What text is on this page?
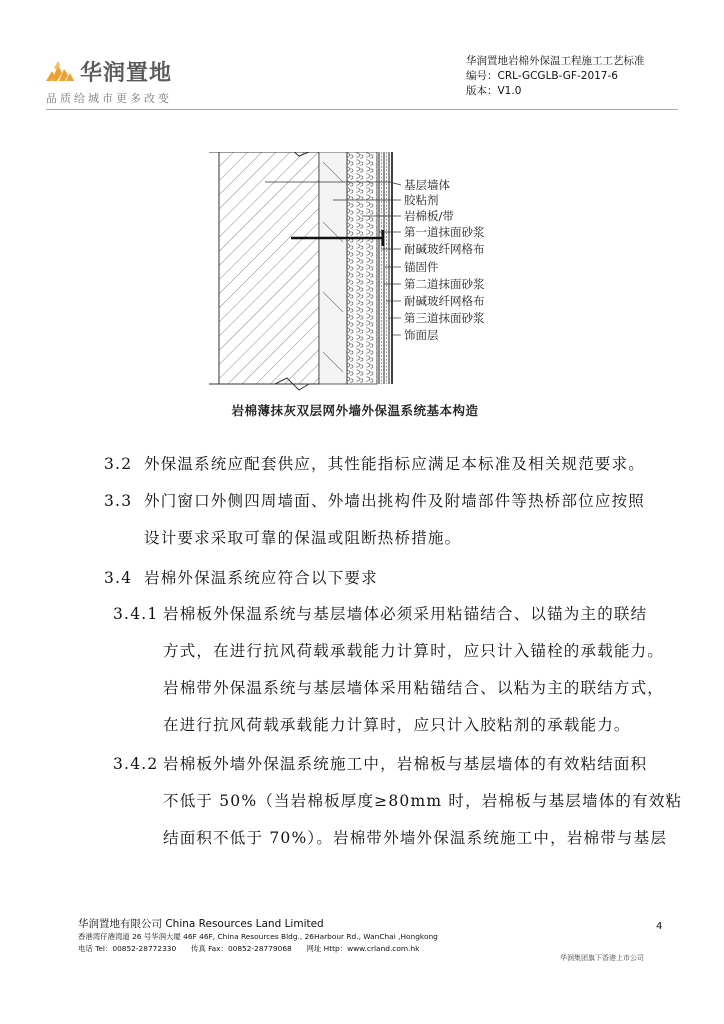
华润置地
品质给城市更多改变
华润置地岩棉外保温工程施工工艺标准
编号：CRL-GCGLB-GF-2017-6
版本：V1.0
基层墙体
胶粘剂
岩棉板/带
第一道抹面砂浆
耐碱玻纤网格布
锚固件
第二道抹面砂浆
耐碱玻纤网格布
第三道抹面砂浆
饰面层
岩棉薄抹灰双层网外墙外保温系统基本构造
3.2 外保温系统应配套供应，其性能指标应满足本标准及相关规范要求。
3.3 外门窗口外侧四周墙面、外墙出挑构件及附墙部件等热桥部位应按照
设计要求采取可靠的保温或阻断热桥措施。
3.4 岩棉外保温系统应符合以下要求
3.4.1 岩棉板外保温系统与基层墙体必须采用粘锚结合、以锚为主的联结
方式，在进行抗风荷载承载能力计算时，应只计入锚栓的承载能力。
岩棉带外保温系统与基层墙体采用粘锚结合、以粘为主的联结方式，
在进行抗风荷载承载能力计算时，应只计入胶粘剂的承载能力。
3.4.2 岩棉板外墙外保温系统施工中，岩棉板与基层墙体的有效粘结面积
不低于 50%（当岩棉板厚度≥80mm 时，岩棉板与基层墙体的有效粘
结面积不低于 70%）。岩棉带外墙外保温系统施工中，岩棉带与基层
华润置地有限公司 China Resources Land Limited
香港湾仔港湾道 26 号华润大厦 46F 46F, China Resources Bldg., 26Harbour Rd., WanChai ,Hongkong
电话 Tel：00852-28772330　　传真 Fax：00852-28779068　　网址 Http：www.crland.com.hk
4
华润集团旗下香港上市公司
